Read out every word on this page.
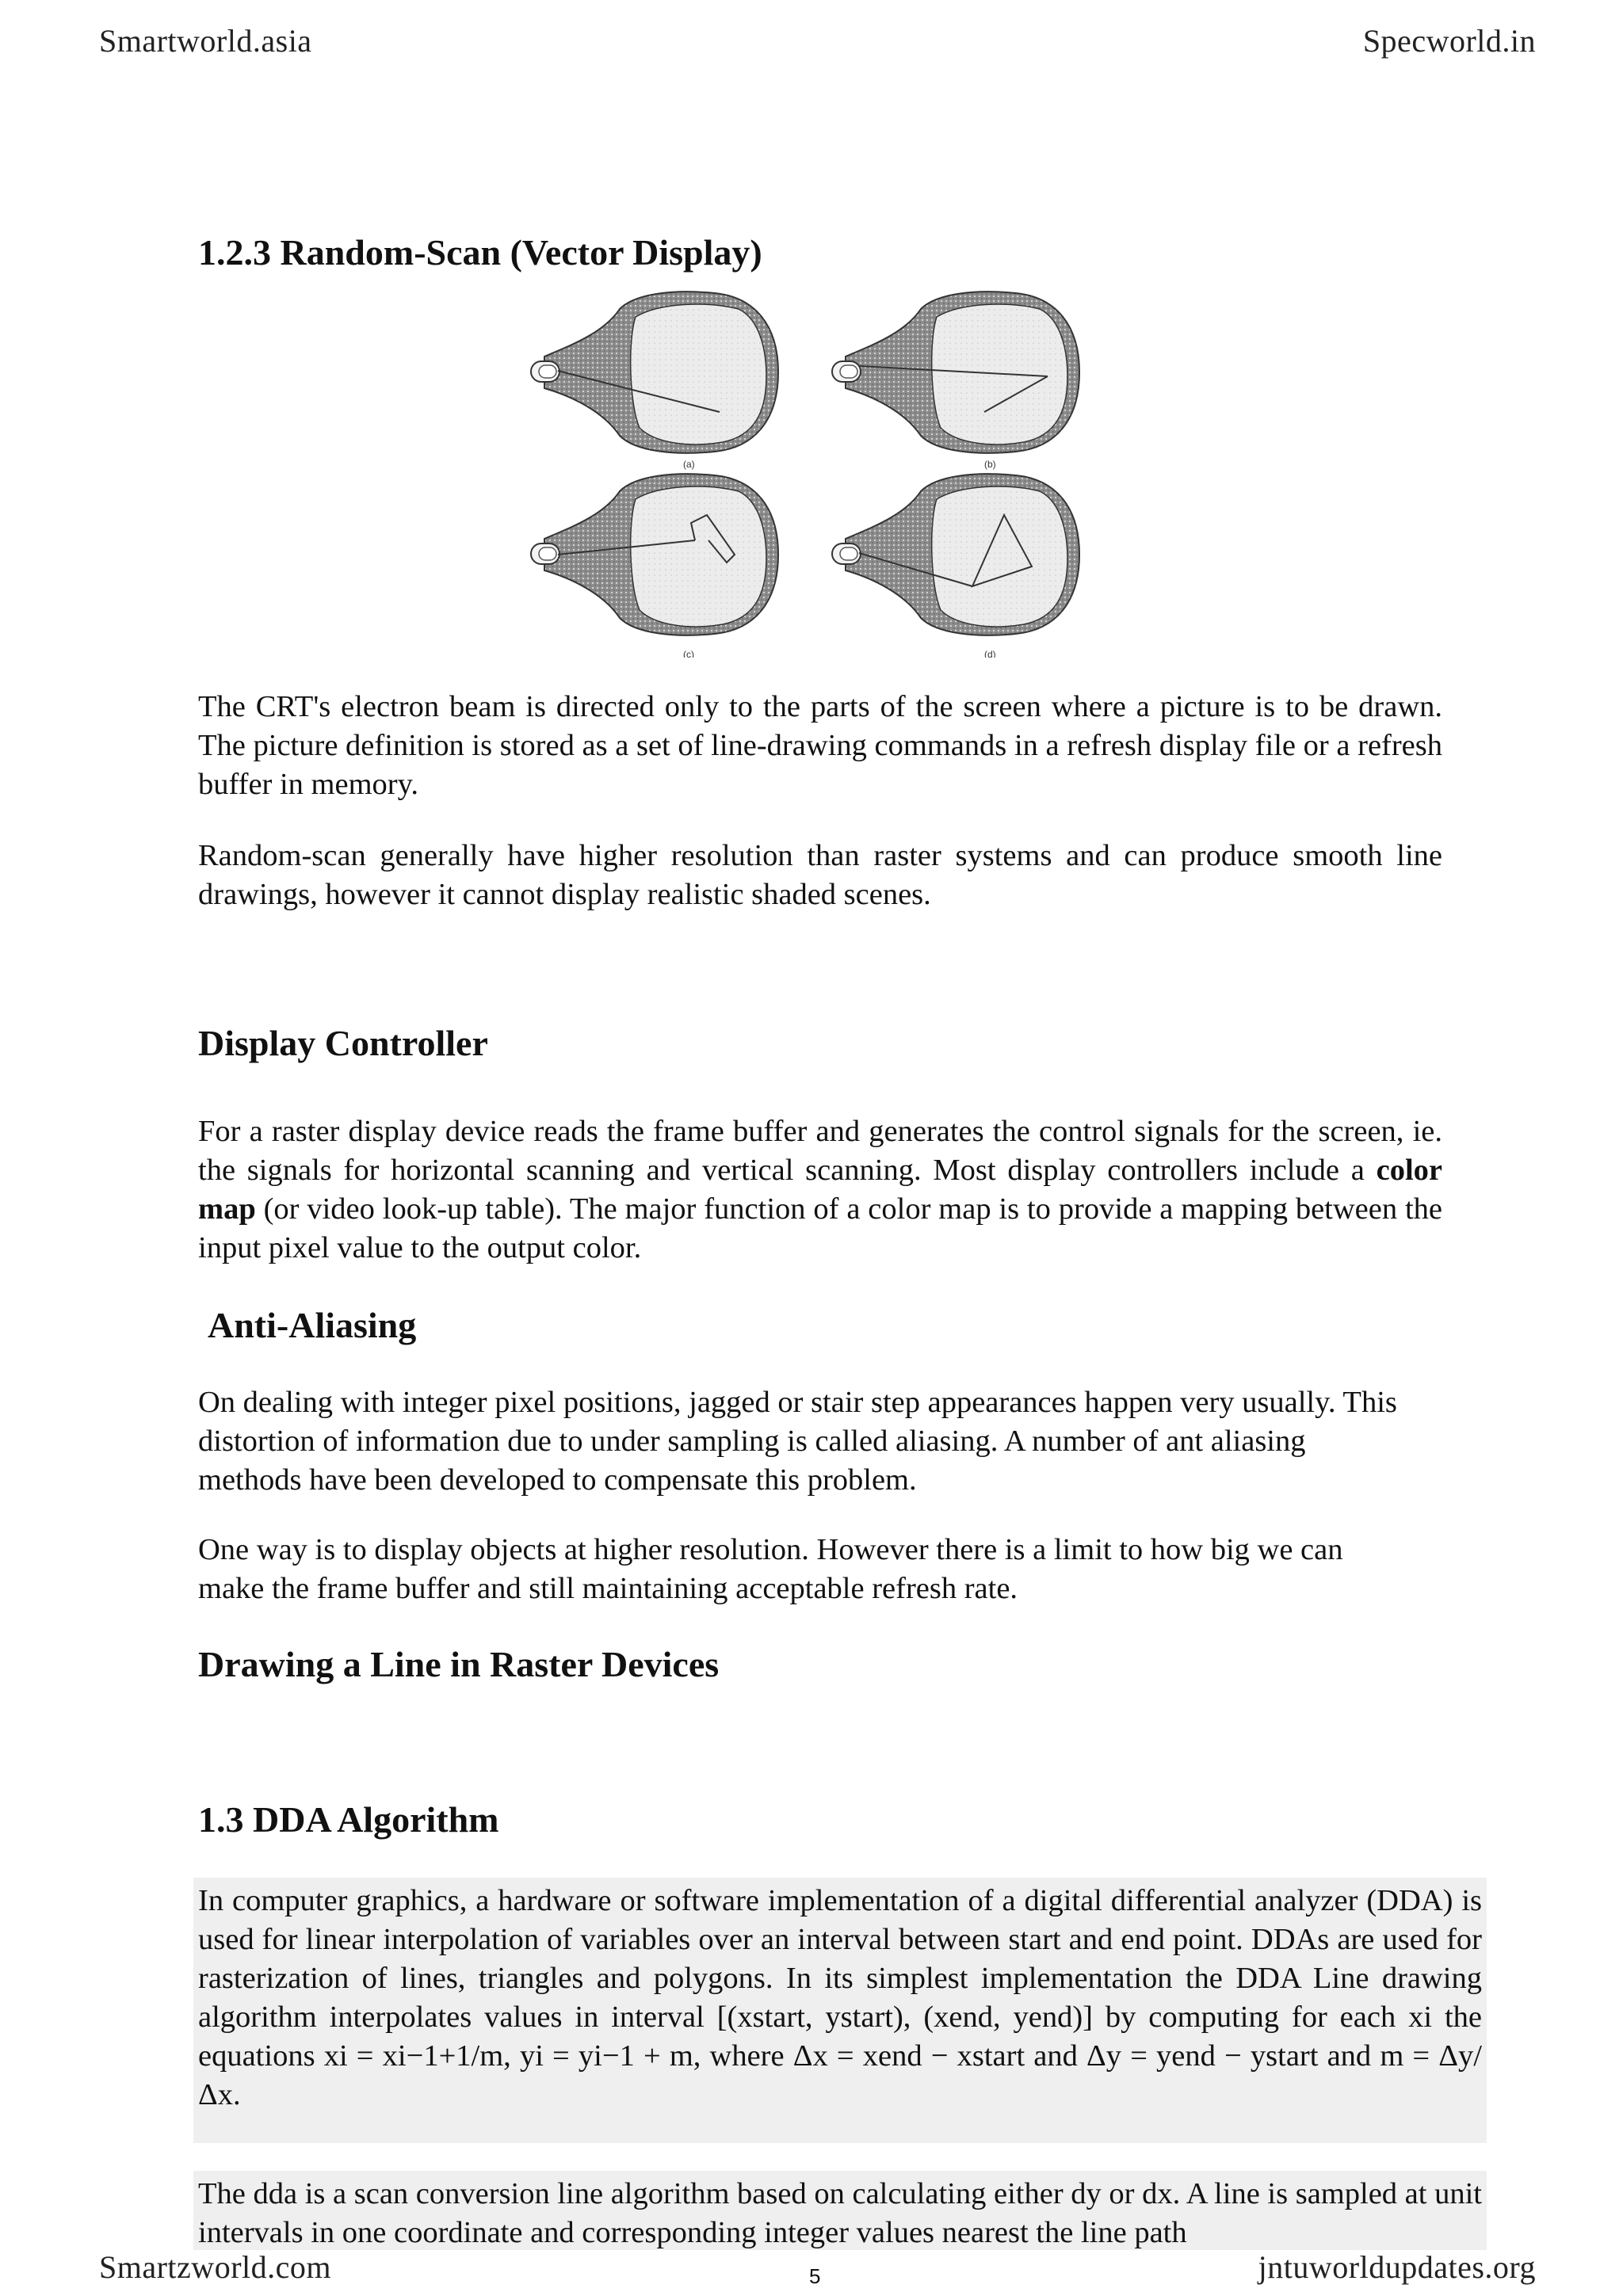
Smartworld.asia	Specworld.in
1.2.3 Random-Scan (Vector Display)
(a)	(b)
(c)	(d)

The CRT's electron beam is directed only to the parts of the screen where a picture is to be drawn. The picture definition is stored as a set of line-drawing commands in a refresh display file or a refresh buffer in memory.

Random-scan generally have higher resolution than raster systems and can produce smooth line drawings, however it cannot display realistic shaded scenes.

Display Controller

For a raster display device reads the frame buffer and generates the control signals for the screen, ie. the signals for horizontal scanning and vertical scanning. Most display controllers include a color map (or video look-up table). The major function of a color map is to provide a mapping between the input pixel value to the output color.

Anti-Aliasing

On dealing with integer pixel positions, jagged or stair step appearances happen very usually. This distortion of information due to under sampling is called aliasing. A number of ant aliasing methods have been developed to compensate this problem.

One way is to display objects at higher resolution. However there is a limit to how big we can make the frame buffer and still maintaining acceptable refresh rate.

Drawing a Line in Raster Devices
1.3 DDA Algorithm

In computer graphics, a hardware or software implementation of a digital differential analyzer (DDA) is used for linear interpolation of variables over an interval between start and end point. DDAs are used for rasterization of lines, triangles and polygons. In its simplest implementation the DDA Line drawing algorithm interpolates values in interval [(xstart, ystart), (xend, yend)] by computing for each xi the equations xi = xi−1+1/m, yi = yi−1 + m, where Δx = xend − xstart and Δy = yend − ystart and m = Δy/Δx.

The dda is a scan conversion line algorithm based on calculating either dy or dx. A line is sampled at unit intervals in one coordinate and corresponding integer values nearest the line path

Smartzworld.com	5	jntuworldupdates.org
